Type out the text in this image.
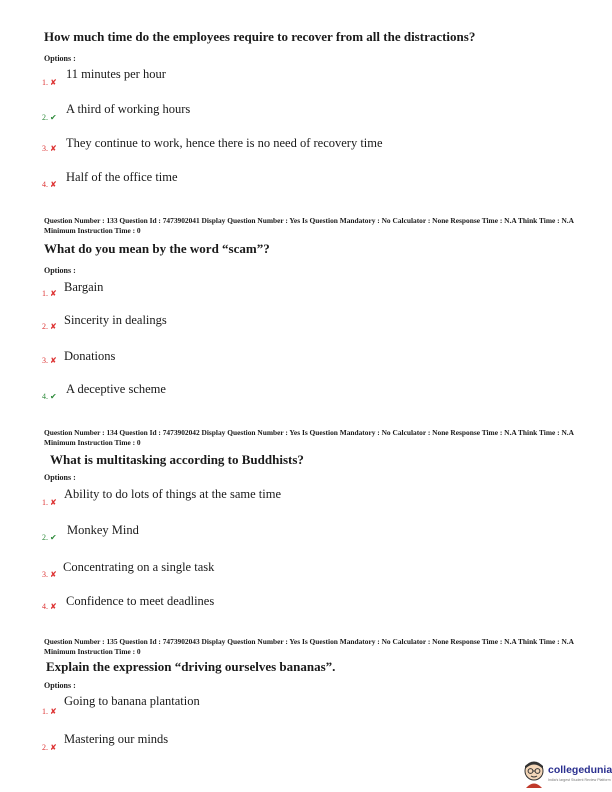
How much time do the employees require to recover from all the distractions?
Options :
1. ✘
11 minutes per hour
2. ✔
A third of working hours
3. ✘ They continue to work, hence there is no need of recovery time
4. ✘
Half of the office time
Question Number : 133 Question Id : 7473902041 Display Question Number : Yes Is Question Mandatory : No Calculator : None Response Time : N.A Think Time : N.A Minimum Instruction Time : 0
What do you mean by the word “scam”?
Options :
1. ✘ Bargain
2. ✘ Sincerity in dealings
3. ✘ Donations
4. ✔
A deceptive scheme
Question Number : 134 Question Id : 7473902042 Display Question Number : Yes Is Question Mandatory : No Calculator : None Response Time : N.A Think Time : N.A Minimum Instruction Time : 0
What is multitasking according to Buddhists?
Options :
1. ✘
Ability to do lots of things at the same time
2. ✔
Monkey Mind
3. ✘
Concentrating on a single task
4. ✘ Confidence to meet deadlines
Question Number : 135 Question Id : 7473902043 Display Question Number : Yes Is Question Mandatory : No Calculator : None Response Time : N.A Think Time : N.A Minimum Instruction Time : 0
Explain the expression “driving ourselves bananas”.
Options :
1. ✘
Going to banana plantation
2. ✘
Mastering our minds
collegedunia
India's largest Student Review Platform
